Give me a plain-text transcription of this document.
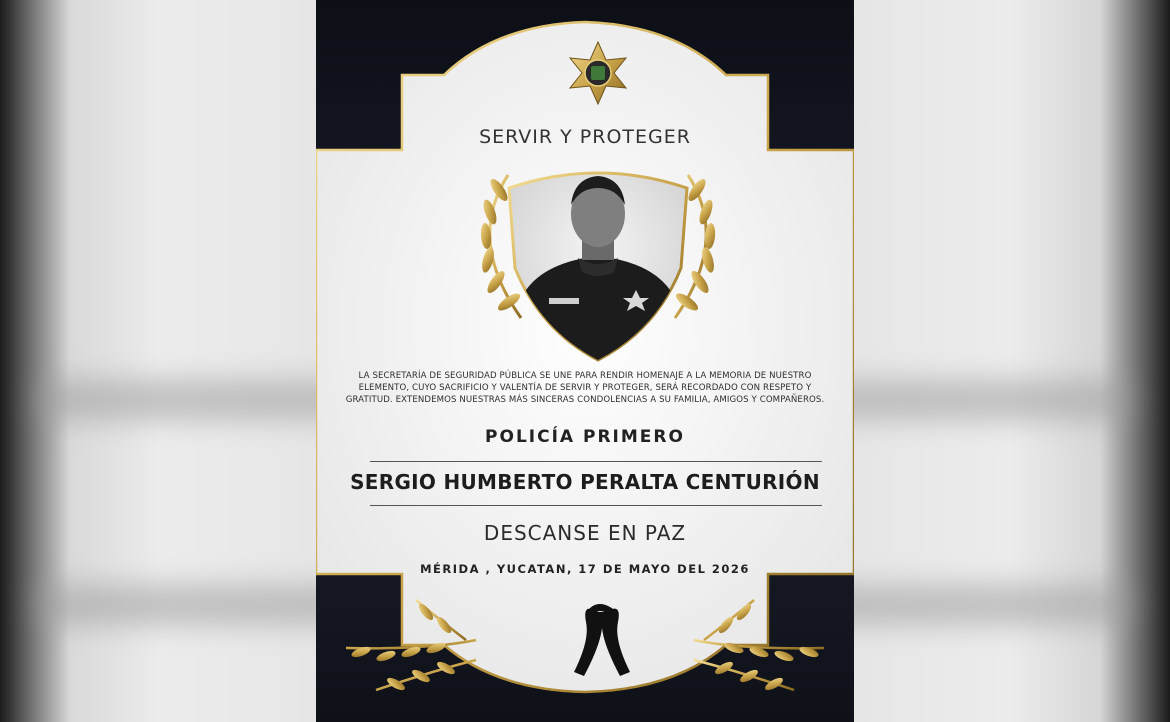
SERVIR Y PROTEGER
LA SECRETARÍA DE SEGURIDAD PÚBLICA SE UNE PARA RENDIR HOMENAJE A LA MEMORIA DE NUESTRO ELEMENTO, CUYO SACRIFICIO Y VALENTÍA DE SERVIR Y PROTEGER, SERÁ RECORDADO CON RESPETO Y GRATITUD. EXTENDEMOS NUESTRAS MÁS SINCERAS CONDOLENCIAS A SU FAMILIA, AMIGOS Y COMPAÑEROS.
POLICÍA PRIMERO
SERGIO HUMBERTO PERALTA CENTURIÓN
DESCANSE EN PAZ
MÉRIDA , YUCATAN, 17 DE MAYO DEL 2026
